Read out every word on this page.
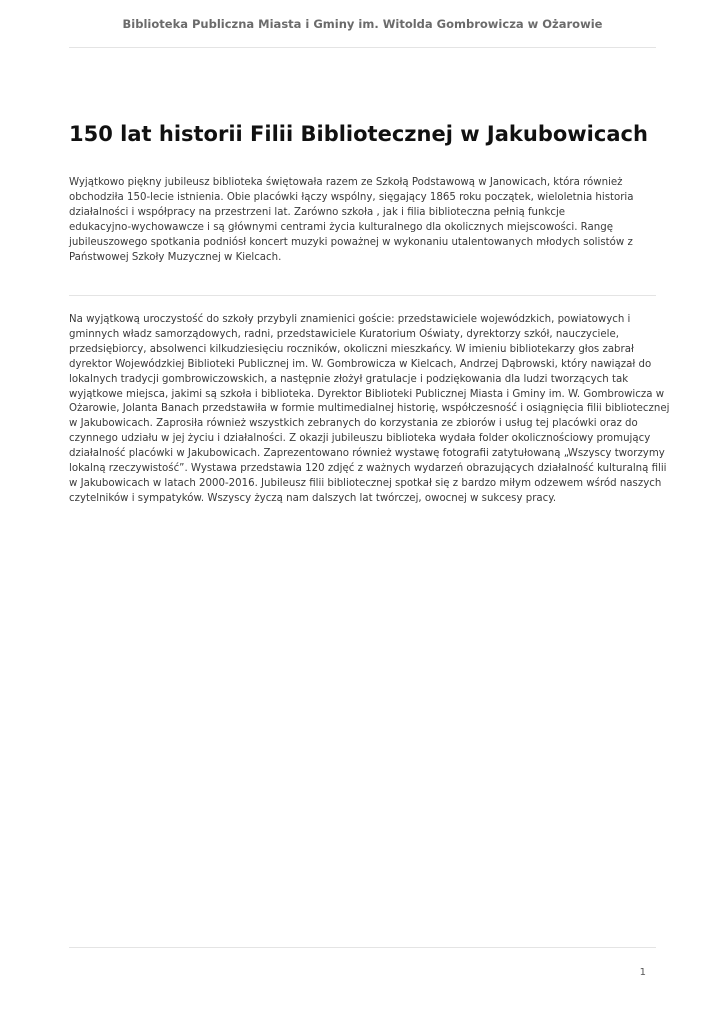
Biblioteka Publiczna Miasta i Gminy im. Witolda Gombrowicza w Ożarowie
150 lat historii Filii Bibliotecznej w Jakubowicach

Wyjątkowo piękny jubileusz biblioteka świętowała razem ze Szkołą Podstawową w Janowicach, która również
obchodziła 150-lecie istnienia. Obie placówki łączy wspólny, sięgający 1865 roku początek, wieloletnia historia
działalności i współpracy na przestrzeni lat. Zarówno szkoła , jak i filia biblioteczna pełnią funkcje
edukacyjno-wychowawcze i są głównymi centrami życia kulturalnego dla okolicznych miejscowości. Rangę
jubileuszowego spotkania podniósł koncert muzyki poważnej w wykonaniu utalentowanych młodych solistów z
Państwowej Szkoły Muzycznej w Kielcach.

Na wyjątkową uroczystość do szkoły przybyli znamienici goście: przedstawiciele wojewódzkich, powiatowych i
gminnych władz samorządowych, radni, przedstawiciele Kuratorium Oświaty, dyrektorzy szkół, nauczyciele,
przedsiębiorcy, absolwenci kilkudziesięciu roczników, okoliczni mieszkańcy. W imieniu bibliotekarzy głos zabrał
dyrektor Wojewódzkiej Biblioteki Publicznej im. W. Gombrowicza w Kielcach, Andrzej Dąbrowski, który nawiązał do
lokalnych tradycji gombrowiczowskich, a następnie złożył gratulacje i podziękowania dla ludzi tworzących tak
wyjątkowe miejsca, jakimi są szkoła i biblioteka. Dyrektor Biblioteki Publicznej Miasta i Gminy im. W. Gombrowicza w
Ożarowie, Jolanta Banach przedstawiła w formie multimedialnej historię, współczesność i osiągnięcia filii bibliotecznej
w Jakubowicach. Zaprosiła również wszystkich zebranych do korzystania ze zbiorów i usług tej placówki oraz do
czynnego udziału w jej życiu i działalności. Z okazji jubileuszu biblioteka wydała folder okolicznościowy promujący
działalność placówki w Jakubowicach. Zaprezentowano również wystawę fotografii zatytułowaną „Wszyscy tworzymy
lokalną rzeczywistość”. Wystawa przedstawia 120 zdjęć z ważnych wydarzeń obrazujących działalność kulturalną filii
w Jakubowicach w latach 2000-2016. Jubileusz filii bibliotecznej spotkał się z bardzo miłym odzewem wśród naszych
czytelników i sympatyków. Wszyscy życzą nam dalszych lat twórczej, owocnej w sukcesy pracy.

1
